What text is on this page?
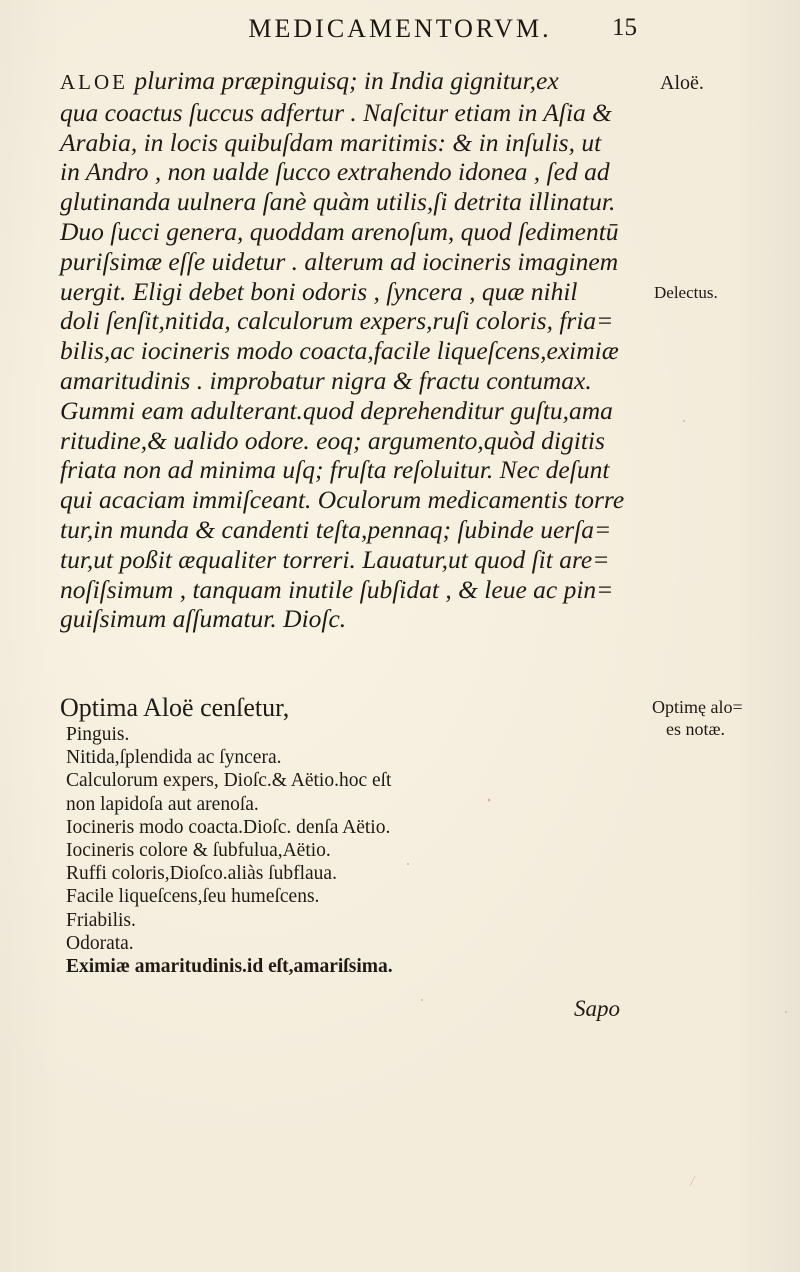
MEDICAMENTORVM.	15
ALOE plurima præpinguisq; in India gignitur,ex
qua coactus ſuccus adfertur . Naſcitur etiam in Aſia &
Arabia, in locis quibuſdam maritimis: & in inſulis, ut
in Andro , non ualde ſucco extrahendo idonea , ſed ad
glutinanda uulnera ſanè quàm utilis,ſi detrita illinatur.
Duo ſucci genera, quoddam arenoſum, quod ſedimentū
puriſsimæ eſſe uidetur . alterum ad iocineris imaginem
uergit. Eligi debet boni odoris , ſyncera , quæ nihil
doli ſenſit,nitida, calculorum expers,ruſi coloris, fria=
bilis,ac iocineris modo coacta,facile liqueſcens,eximiæ
amaritudinis . improbatur nigra & fractu contumax.
Gummi eam adulterant.quod deprehenditur guſtu,ama
ritudine,& ualido odore. eoq; argumento,quòd digitis
friata non ad minima uſq; fruſta reſoluitur. Nec deſunt
qui acaciam immiſceant. Oculorum medicamentis torre
tur,in munda & candenti teſta,pennaq; ſubinde uerſa=
tur,ut poßit æqualiter torreri. Lauatur,ut quod ſit are=
noſiſsimum , tanquam inutile ſubſidat , & leue ac pin=
guiſsimum aſſumatur. Dioſc.
Aloë.
Delectus.
Optimę alo=
es notæ.
Optima Aloë cenſetur,
Pinguis.
Nitida,ſplendida ac ſyncera.
Calculorum expers, Dioſc.& Aëtio.hoc eſt
non lapidoſa aut arenoſa.
Iocineris modo coacta.Dioſc. denſa Aëtio.
Iocineris colore & ſubfulua,Aëtio.
Ruffi coloris,Dioſco.aliàs ſubflaua.
Facile liqueſcens,ſeu humeſcens.
Friabilis.
Odorata.
Eximiæ amaritudinis.id eſt,amariſsima.
Sapo
